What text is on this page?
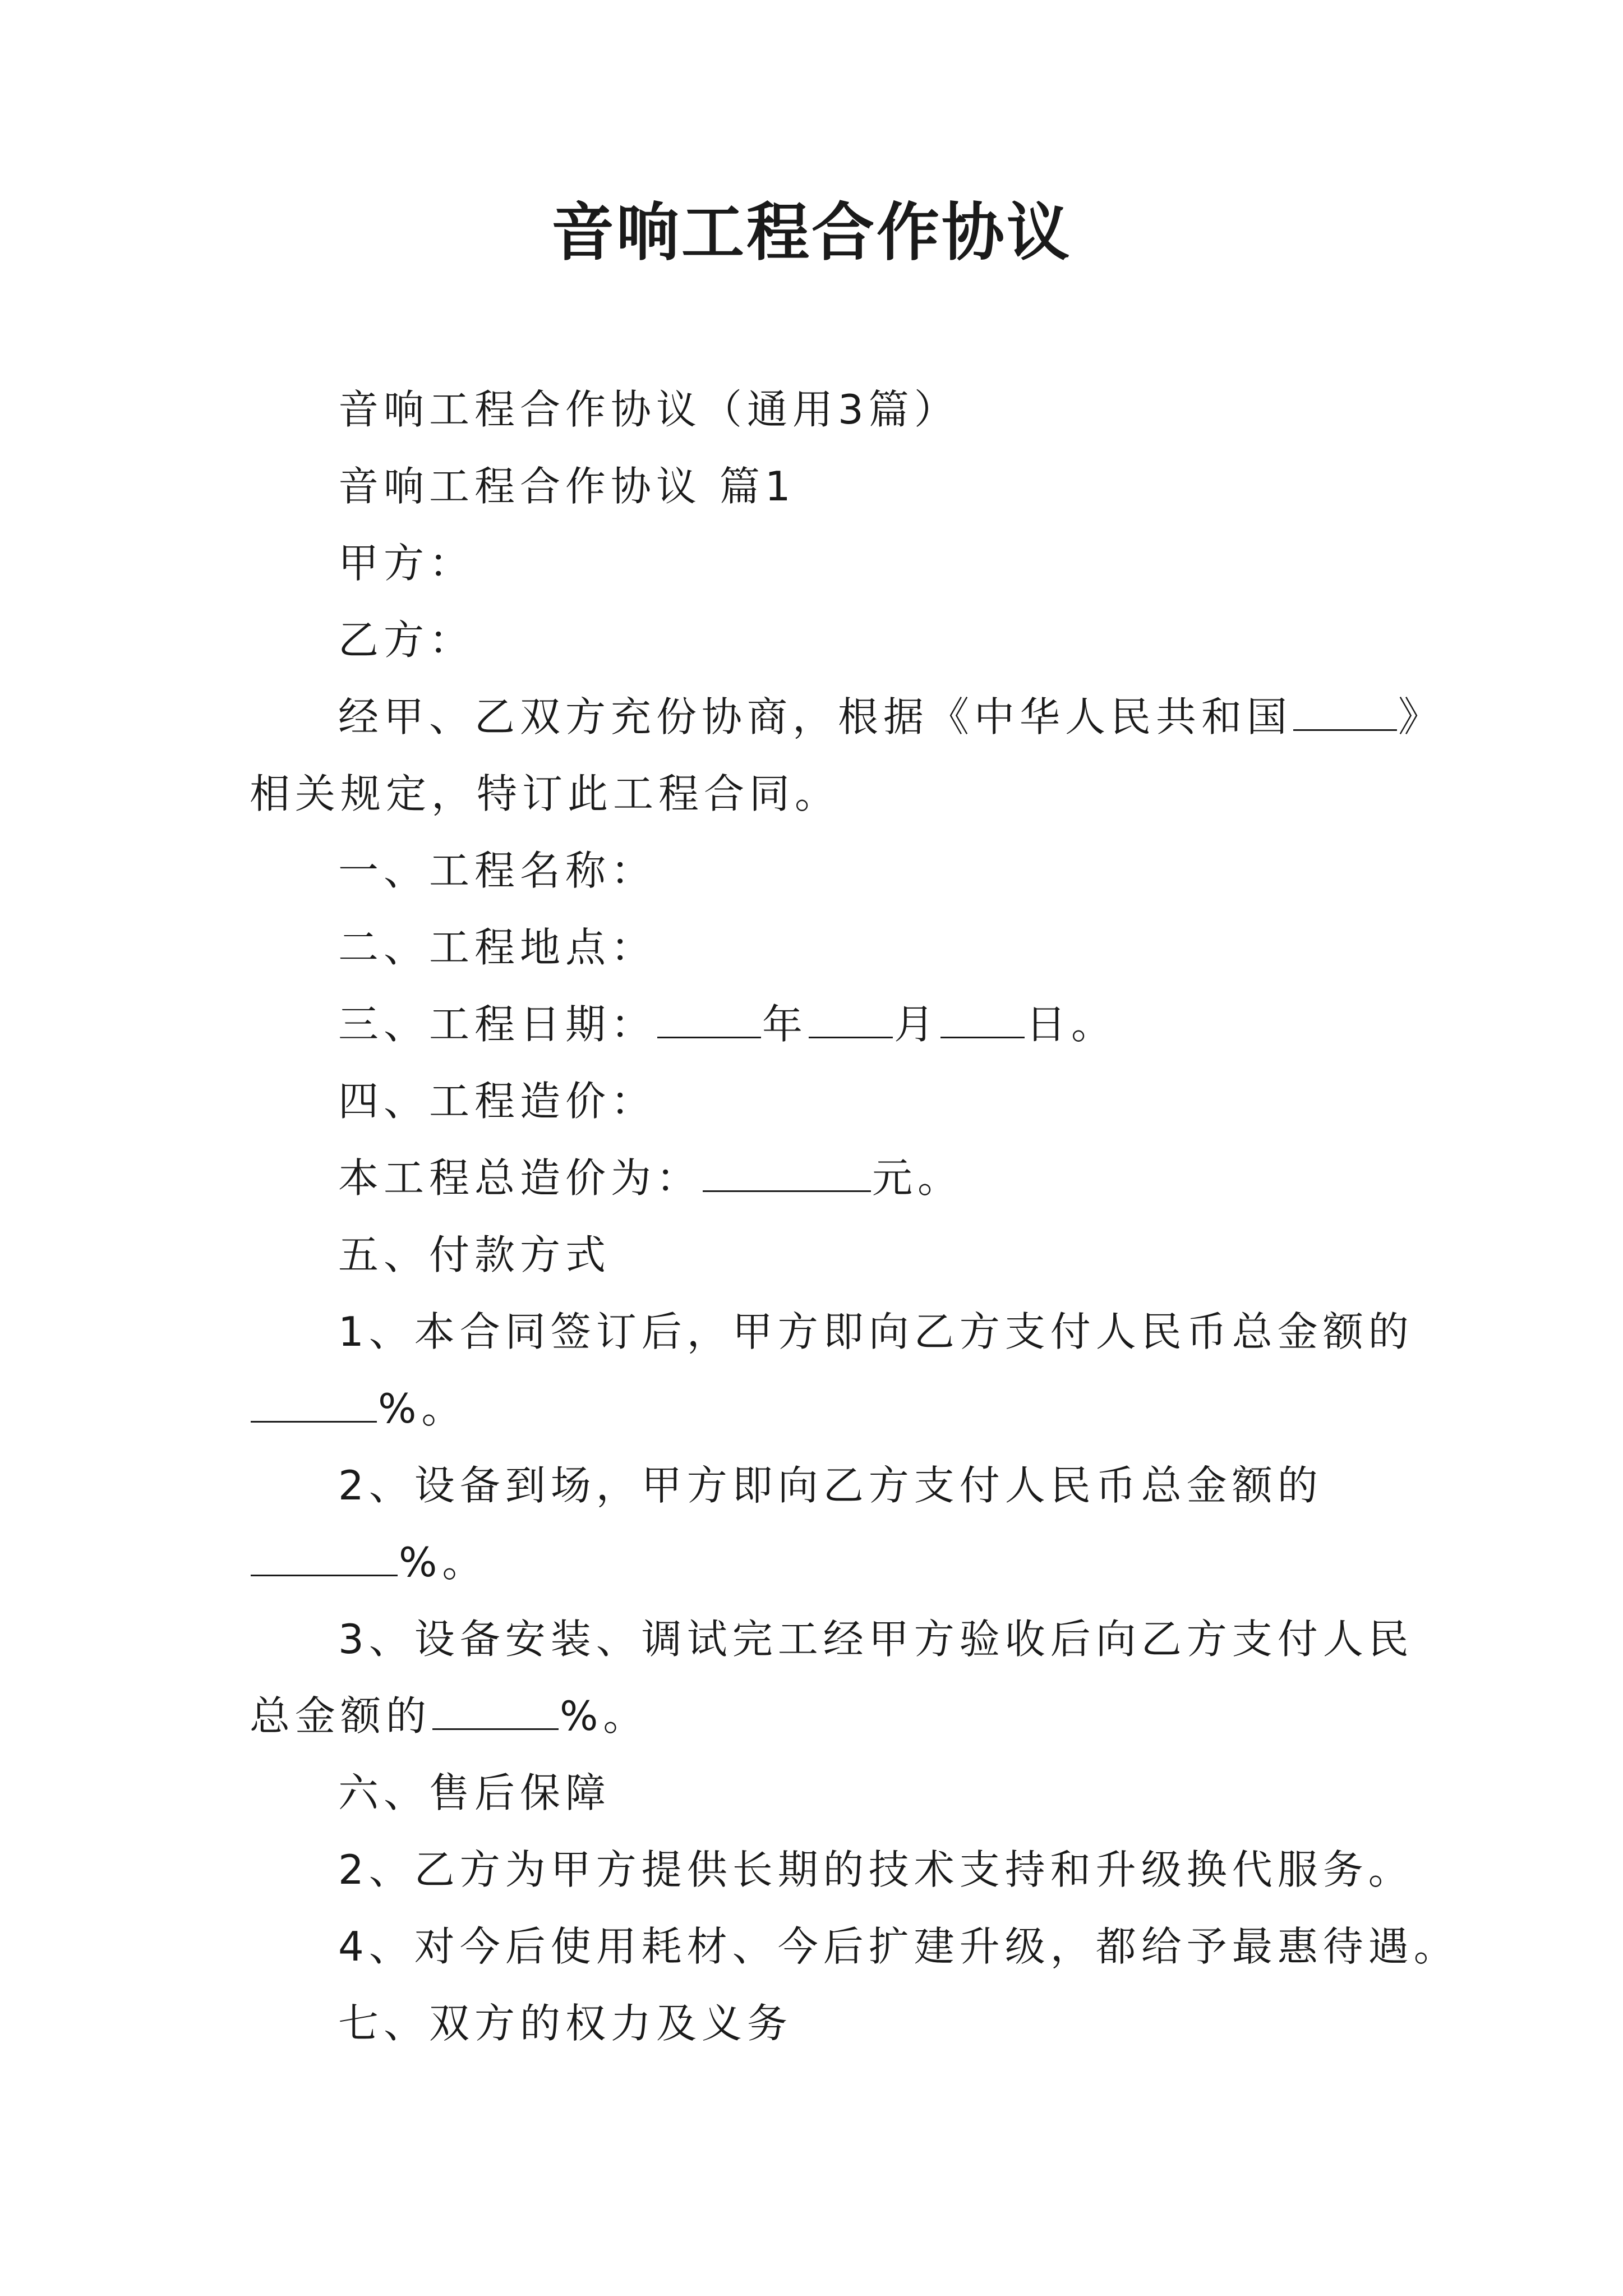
音响工程合作协议
音响工程合作协议（通用3篇）
音响工程合作协议 篇1
甲方：
乙方：
经甲、乙双方充份协商，根据《中华人民共和国	》
相关规定，特订此工程合同。
一、工程名称：
二、工程地点：
三、工程日期：	年 月 日。
四、工程造价：
本工程总造价为：	元。
五、付款方式
1、本合同签订后，甲方即向乙方支付人民币总金额的
%。
2、设备到场，甲方即向乙方支付人民币总金额的
%。
3、设备安装、调试完工经甲方验收后向乙方支付人民
总金额的	%。
六、售后保障
2、乙方为甲方提供长期的技术支持和升级换代服务。
4、对今后使用耗材、今后扩建升级，都给予最惠待遇。
七、双方的权力及义务
